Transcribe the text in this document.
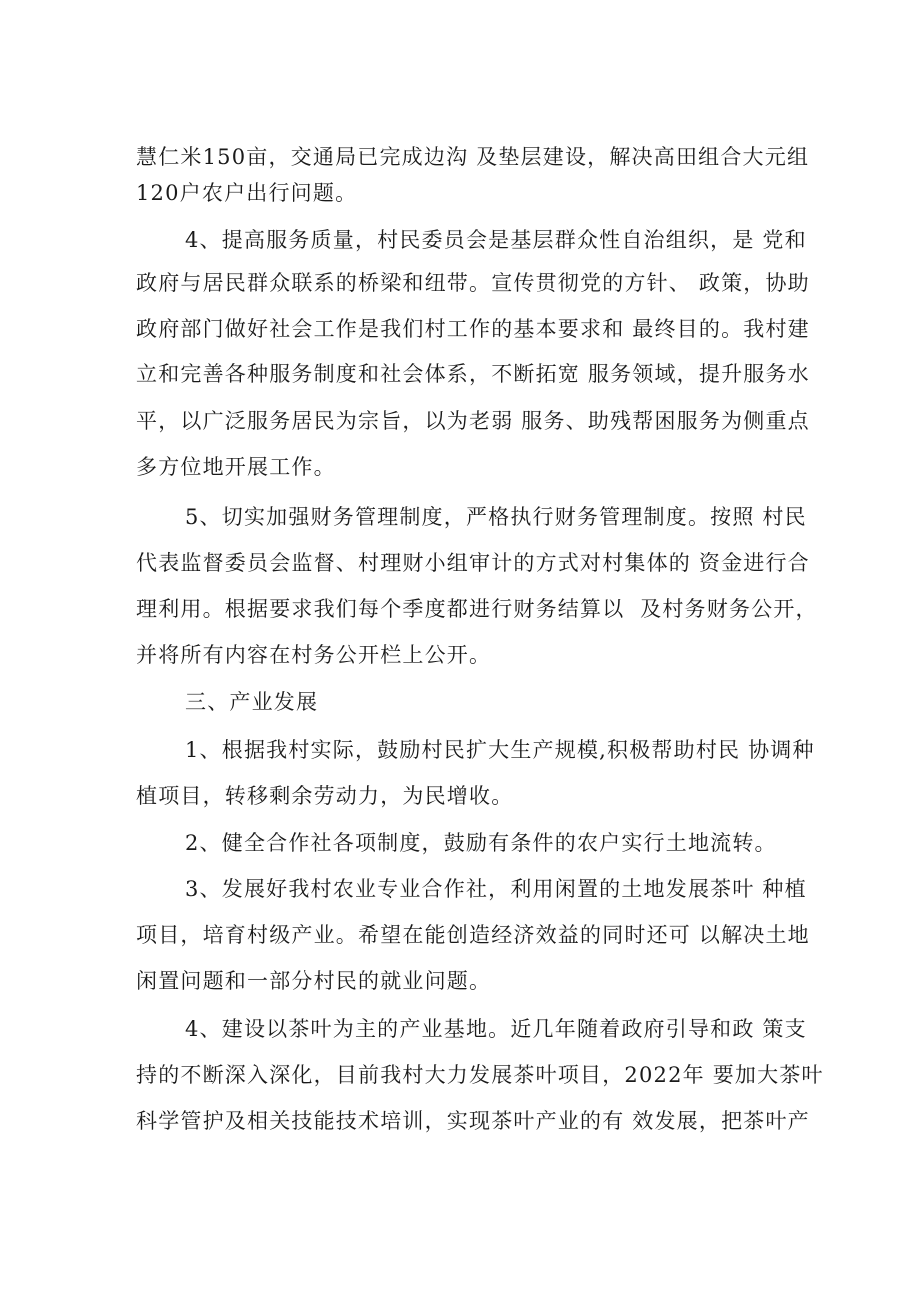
慧仁米150亩，交通局已完成边沟 及垫层建设，解决高田组合大元组
120户农户出行问题。
4、提高服务质量，村民委员会是基层群众性自治组织，是 党和
政府与居民群众联系的桥梁和纽带。宣传贯彻党的方针、 政策，协助
政府部门做好社会工作是我们村工作的基本要求和 最终目的。我村建
立和完善各种服务制度和社会体系，不断拓宽 服务领域，提升服务水
平，以广泛服务居民为宗旨，以为老弱 服务、助残帮困服务为侧重点
多方位地开展工作。
5、切实加强财务管理制度，严格执行财务管理制度。按照 村民
代表监督委员会监督、村理财小组审计的方式对村集体的 资金进行合
理利用。根据要求我们每个季度都进行财务结算以  及村务财务公开，
并将所有内容在村务公开栏上公开。
三、产业发展
1、根据我村实际，鼓励村民扩大生产规模,积极帮助村民 协调种
植项目，转移剩余劳动力，为民增收。
2、健全合作社各项制度，鼓励有条件的农户实行土地流转。
3、发展好我村农业专业合作社，利用闲置的土地发展茶叶 种植
项目，培育村级产业。希望在能创造经济效益的同时还可 以解决土地
闲置问题和一部分村民的就业问题。
4、建设以茶叶为主的产业基地。近几年随着政府引导和政 策支
持的不断深入深化，目前我村大力发展茶叶项目，2022年 要加大茶叶
科学管护及相关技能技术培训，实现茶叶产业的有 效发展，把茶叶产
